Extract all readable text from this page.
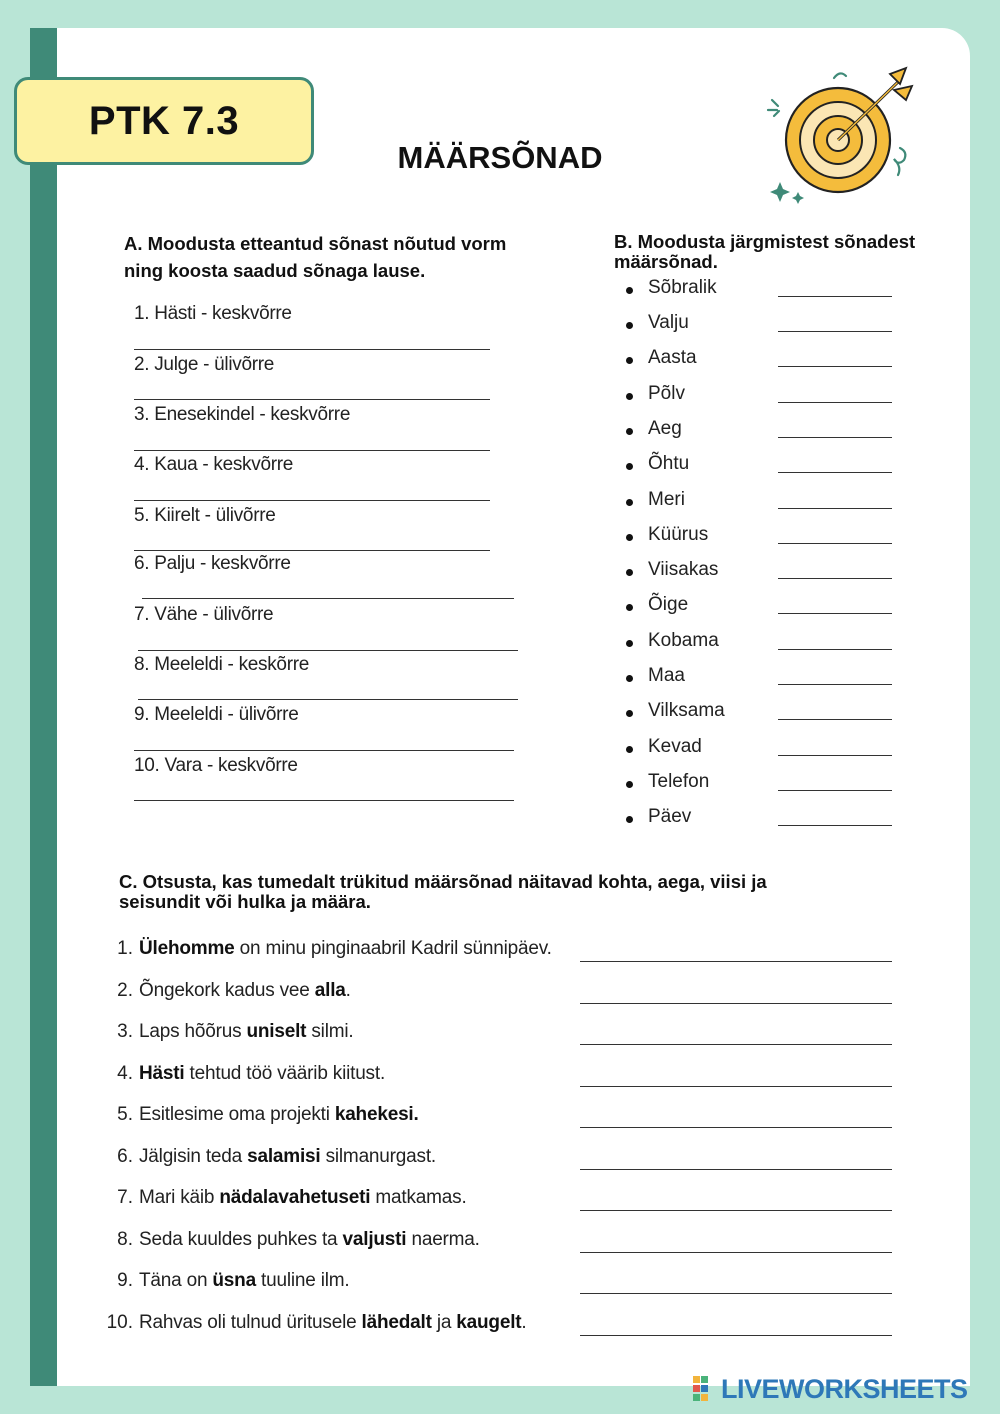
PTK 7.3
MÄÄRSÕNAD
A. Moodusta etteantud sõnast nõutud vorm ning koosta saadud sõnaga lause.
1. Hästi - keskvõrre
2. Julge - ülivõrre
3. Enesekindel - keskvõrre
4. Kaua - keskvõrre
5. Kiirelt - ülivõrre
6. Palju - keskvõrre
7. Vähe - ülivõrre
8. Meeleldi - keskõrre
9. Meeleldi - ülivõrre
10. Vara - keskvõrre
B. Moodusta järgmistest sõnadest määrsõnad.
Sõbralik
Valju
Aasta
Põlv
Aeg
Õhtu
Meri
Küürus
Viisakas
Õige
Kobama
Maa
Vilksama
Kevad
Telefon
Päev
C. Otsusta, kas tumedalt trükitud määrsõnad näitavad kohta, aega, viisi ja seisundit või hulka ja määra.
1. Ülehomme on minu pinginaabril Kadril sünnipäev.
2. Õngekork kadus vee alla.
3. Laps hõõrus uniselt silmi.
4. Hästi tehtud töö väärib kiitust.
5. Esitlesime oma projekti kahekesi.
6. Jälgisin teda salamisi silmanurgast.
7. Mari käib nädalavahetuseti matkamas.
8. Seda kuuldes puhkes ta valjusti naerma.
9. Täna on üsna tuuline ilm.
10. Rahvas oli tulnud üritusele lähedalt ja kaugelt.
LIVEWORKSHEETS
